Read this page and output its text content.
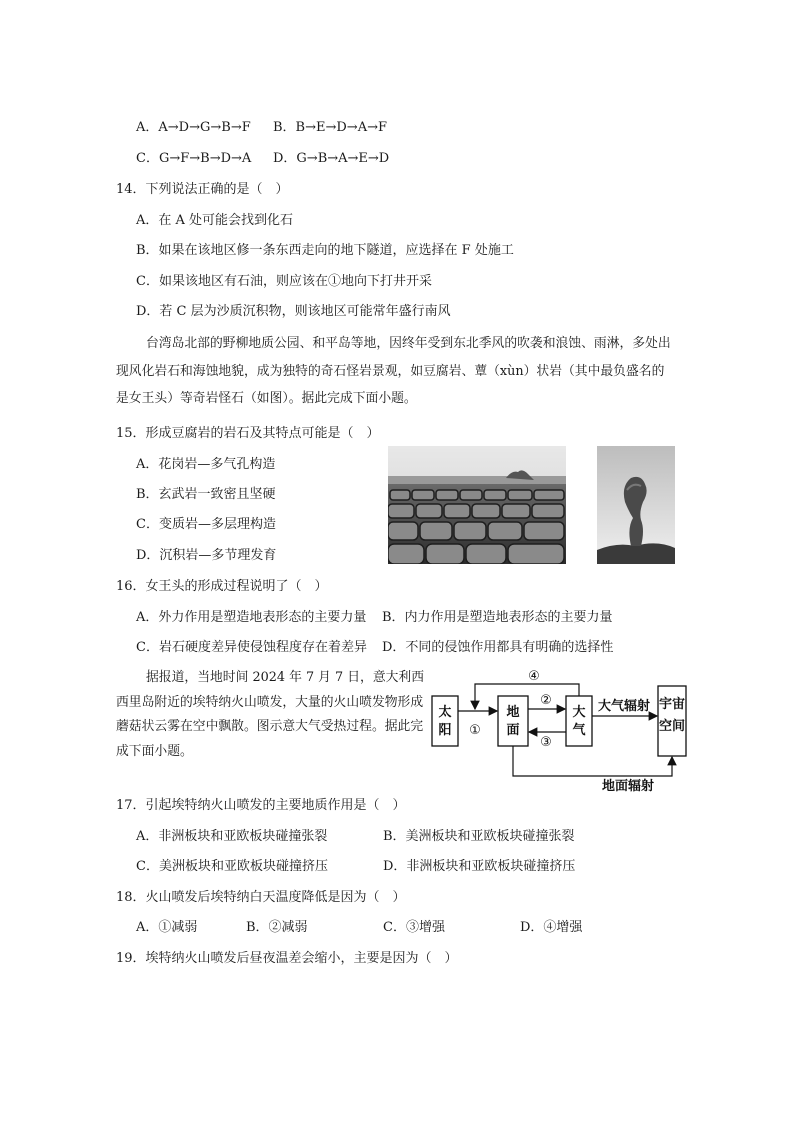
A．A→D→G→B→F B．B→E→D→A→F
C．G→F→B→D→A D．G→B→A→E→D
14．下列说法正确的是（　）
A．在 A 处可能会找到化石
B．如果在该地区修一条东西走向的地下隧道，应选择在 F 处施工
C．如果该地区有石油，则应该在①地向下打井开采
D．若 C 层为沙质沉积物，则该地区可能常年盛行南风
台湾岛北部的野柳地质公园、和平岛等地，因终年受到东北季风的吹袭和浪蚀、雨淋，多处出现风化岩石和海蚀地貌，成为独特的奇石怪岩景观，如豆腐岩、蕈（xùn）状岩（其中最负盛名的是女王头）等奇岩怪石（如图）。据此完成下面小题。
15．形成豆腐岩的岩石及其特点可能是（　）
A．花岗岩—多气孔构造
B．玄武岩一致密且坚硬
C．变质岩—多层理构造
D．沉积岩—多节理发育
16．女王头的形成过程说明了（　）
A．外力作用是塑造地表形态的主要力量 B．内力作用是塑造地表形态的主要力量
C．岩石硬度差异使侵蚀程度存在着差异 D．不同的侵蚀作用都具有明确的选择性
据报道，当地时间 2024 年 7 月 7 日，意大利西西里岛附近的埃特纳火山喷发，大量的火山喷发物形成蘑菇状云雾在空中飘散。图示意大气受热过程。据此完成下面小题。
太阳
地面
大气
宇宙空间
①
④
②
③
大气辐射
地面辐射
17．引起埃特纳火山喷发的主要地质作用是（　）
A．非洲板块和亚欧板块碰撞张裂	B．美洲板块和亚欧板块碰撞张裂
C．美洲板块和亚欧板块碰撞挤压	D．非洲板块和亚欧板块碰撞挤压
18．火山喷发后埃特纳白天温度降低是因为（　）
A．①减弱	B．②减弱	C．③增强	D．④增强
19．埃特纳火山喷发后昼夜温差会缩小，主要是因为（　）
